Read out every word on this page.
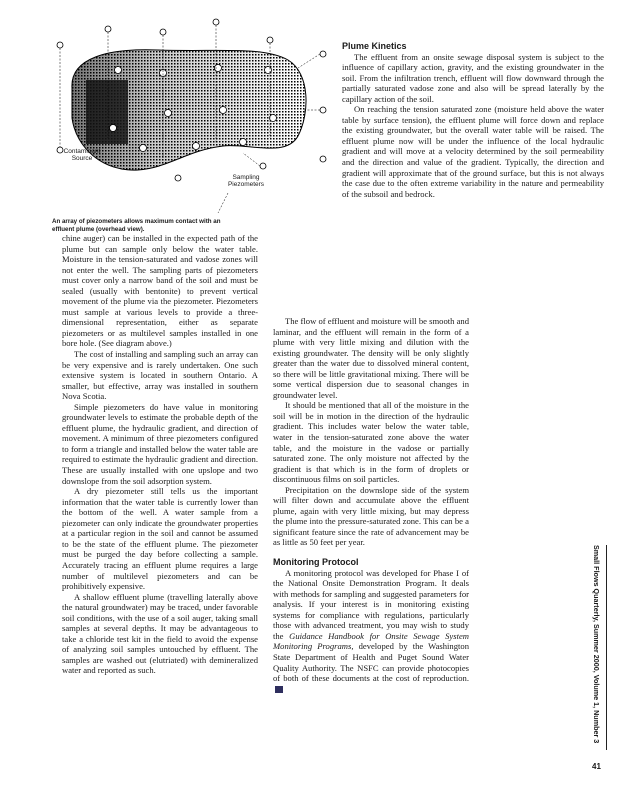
Contaminant
Source
Sampling
Piezometers
An array of piezometers allows maximum contact with an effluent plume (overhead view).

Plume Kinetics

The effluent from an onsite sewage disposal system is subject to the influence of capillary action, gravity, and the existing groundwater in the soil. From the infiltration trench, effluent will flow downward through the partially saturated vadose zone and also will be spread laterally by the capillary action of the soil.

On reaching the tension saturated zone (moisture held above the water table by surface tension), the effluent plume will force down and replace the existing groundwater, but the overall water table will be raised. The effluent plume now will be under the influence of the local hydraulic gradient and will move at a velocity determined by the soil permeability and the direction and value of the gradient. Typically, the direction and gradient will approximate that of the ground surface, but this is not always the case due to the often extreme variability in the nature and permeability of the subsoil and bedrock.

chine auger) can be installed in the expected path of the plume but can sample only below the water table. Moisture in the tension-saturated and vadose zones will not enter the well. The sampling parts of piezometers must cover only a narrow band of the soil and must be sealed (usually with bentonite) to prevent vertical movement of the plume via the piezometer. Piezometers must sample at various levels to provide a three-dimensional representation, either as separate piezometers or as multilevel samples installed in one bore hole. (See diagram above.)

The cost of installing and sampling such an array can be very expensive and is rarely undertaken. One such extensive system is located in southern Ontario. A smaller, but effective, array was installed in southern Nova Scotia.

Simple piezometers do have value in monitoring groundwater levels to estimate the probable depth of the effluent plume, the hydraulic gradient, and direction of movement. A minimum of three piezometers configured to form a triangle and installed below the water table are required to estimate the hydraulic gradient and direction. These are usually installed with one upslope and two downslope from the soil adsorption system.

A dry piezometer still tells us the important information that the water table is currently lower than the bottom of the well. A water sample from a piezometer can only indicate the groundwater properties at a particular region in the soil and cannot be assumed to be the state of the effluent plume. The piezometer must be purged the day before collecting a sample. Accurately tracing an effluent plume requires a large number of multilevel piezometers and can be prohibitively expensive.

A shallow effluent plume (travelling laterally above the natural groundwater) may be traced, under favorable soil conditions, with the use of a soil auger, taking small samples at several depths. It may be advantageous to take a chloride test kit in the field to avoid the expense of analyzing soil samples untouched by effluent. The samples are washed out (elutriated) with demineralized water and reported as such.

The flow of effluent and moisture will be smooth and laminar, and the effluent will remain in the form of a plume with very little mixing and dilution with the existing groundwater. The density will be only slightly greater than the water due to dissolved mineral content, so there will be little gravitational mixing. There will be some vertical dispersion due to seasonal changes in groundwater level.

It should be mentioned that all of the moisture in the soil will be in motion in the direction of the hydraulic gradient. This includes water below the water table, water in the tension-saturated zone above the water table, and the moisture in the vadose or partially saturated zone. The only moisture not affected by the gradient is that which is in the form of droplets or discontinuous films on soil particles.

Precipitation on the downslope side of the system will filter down and accumulate above the effluent plume, again with very little mixing, but may depress the plume into the pressure-saturated zone. This can be a significant feature since the rate of advancement may be as little as 50 feet per year.

Monitoring Protocol

A monitoring protocol was developed for Phase I of the National Onsite Demonstration Program. It deals with methods for sampling and suggested parameters for analysis. If your interest is in monitoring existing systems for compliance with regulations, particularly those with advanced treatment, you may wish to study the Guidance Handbook for Onsite Sewage System Monitoring Programs, developed by the Washington State Department of Health and Puget Sound Water Quality Authority. The NSFC can provide photocopies of both of these documents at the cost of reproduction.	Small Flows Quarterly, Summer 2000, Volume 1, Number 3
41
